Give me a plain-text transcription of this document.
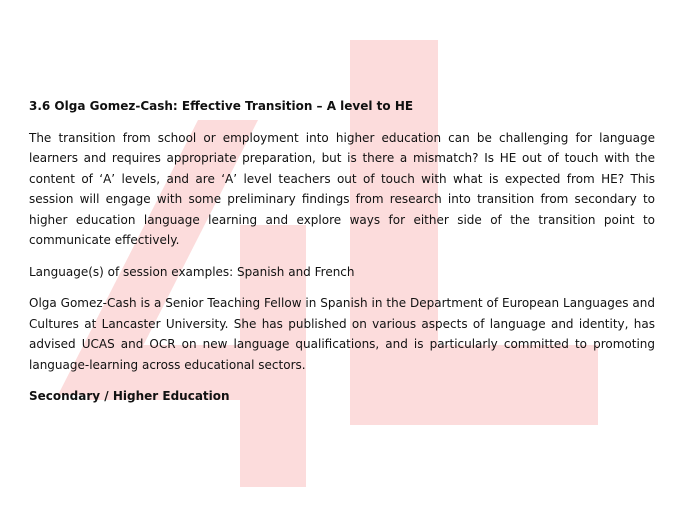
3.6 Olga Gomez-Cash: Effective Transition – A level to HE

The transition from school or employment into higher education can be challenging for language learners and requires appropriate preparation, but is there a mismatch? Is HE out of touch with the content of ‘A’ levels, and are ‘A’ level teachers out of touch with what is expected from HE? This session will engage with some preliminary findings from research into transition from secondary to higher education language learning and explore ways for either side of the transition point to communicate effectively.

Language(s) of session examples: Spanish and French

Olga Gomez-Cash is a Senior Teaching Fellow in Spanish in the Department of European Languages and Cultures at Lancaster University. She has published on various aspects of language and identity, has advised UCAS and OCR on new language qualifications, and is particularly committed to promoting language-learning across educational sectors.

Secondary / Higher Education
